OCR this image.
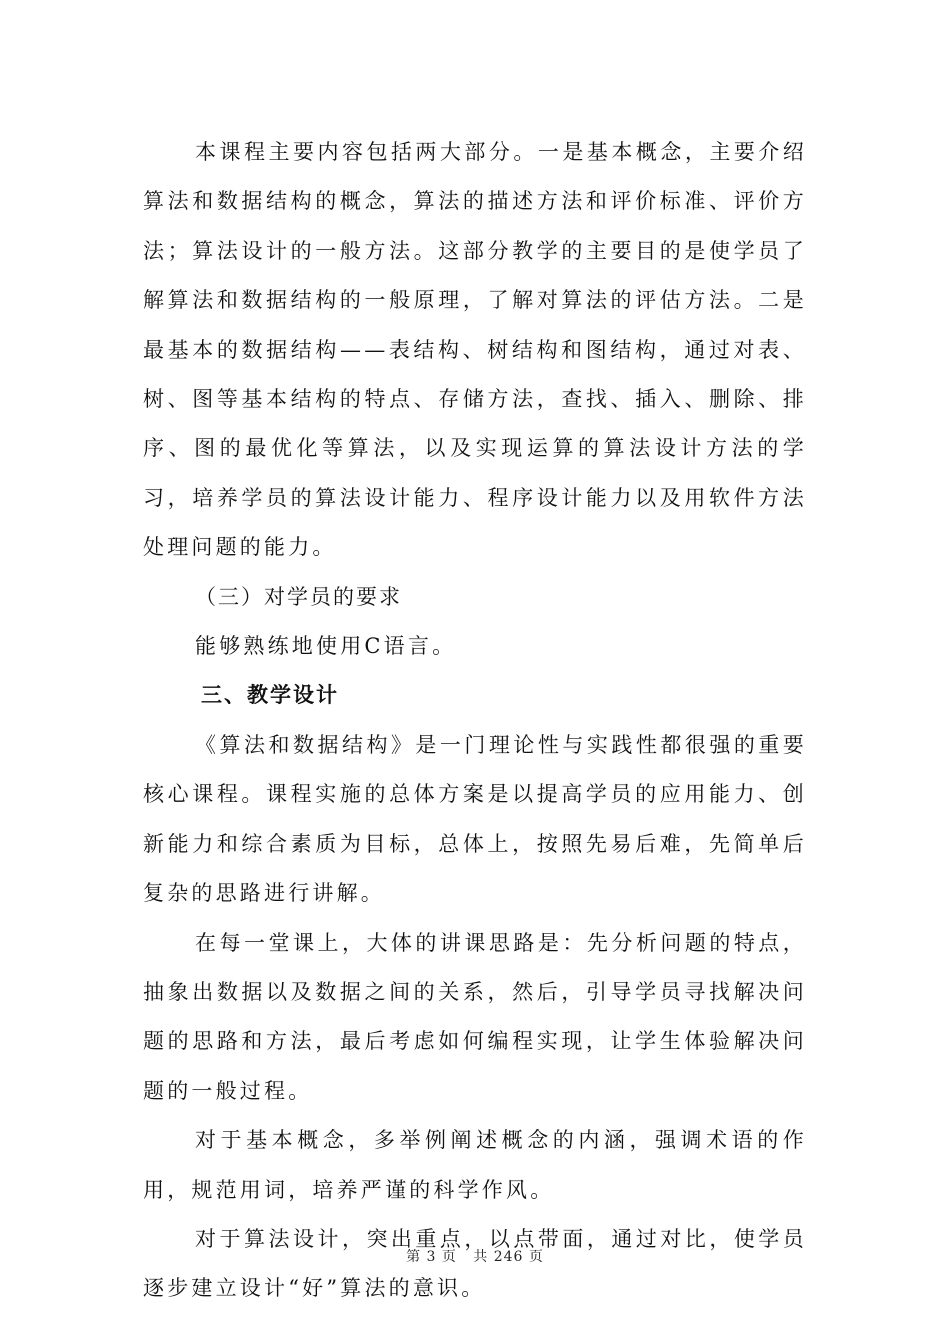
本课程主要内容包括两大部分。一是基本概念，主要介绍算法和数据结构的概念，算法的描述方法和评价标准、评价方法；算法设计的一般方法。这部分教学的主要目的是使学员了解算法和数据结构的一般原理，了解对算法的评估方法。二是最基本的数据结构——表结构、树结构和图结构，通过对表、树、图等基本结构的特点、存储方法，查找、插入、删除、排序、图的最优化等算法，以及实现运算的算法设计方法的学习，培养学员的算法设计能力、程序设计能力以及用软件方法处理问题的能力。

（三）对学员的要求

能够熟练地使用C语言。

三、教学设计

《算法和数据结构》是一门理论性与实践性都很强的重要核心课程。课程实施的总体方案是以提高学员的应用能力、创新能力和综合素质为目标，总体上，按照先易后难，先简单后复杂的思路进行讲解。

在每一堂课上，大体的讲课思路是：先分析问题的特点，抽象出数据以及数据之间的关系，然后，引导学员寻找解决问题的思路和方法，最后考虑如何编程实现，让学生体验解决问题的一般过程。

对于基本概念，多举例阐述概念的内涵，强调术语的作用，规范用词，培养严谨的科学作风。

对于算法设计，突出重点，以点带面，通过对比，使学员逐步建立设计“好”算法的意识。

第 3 页   共 246 页
